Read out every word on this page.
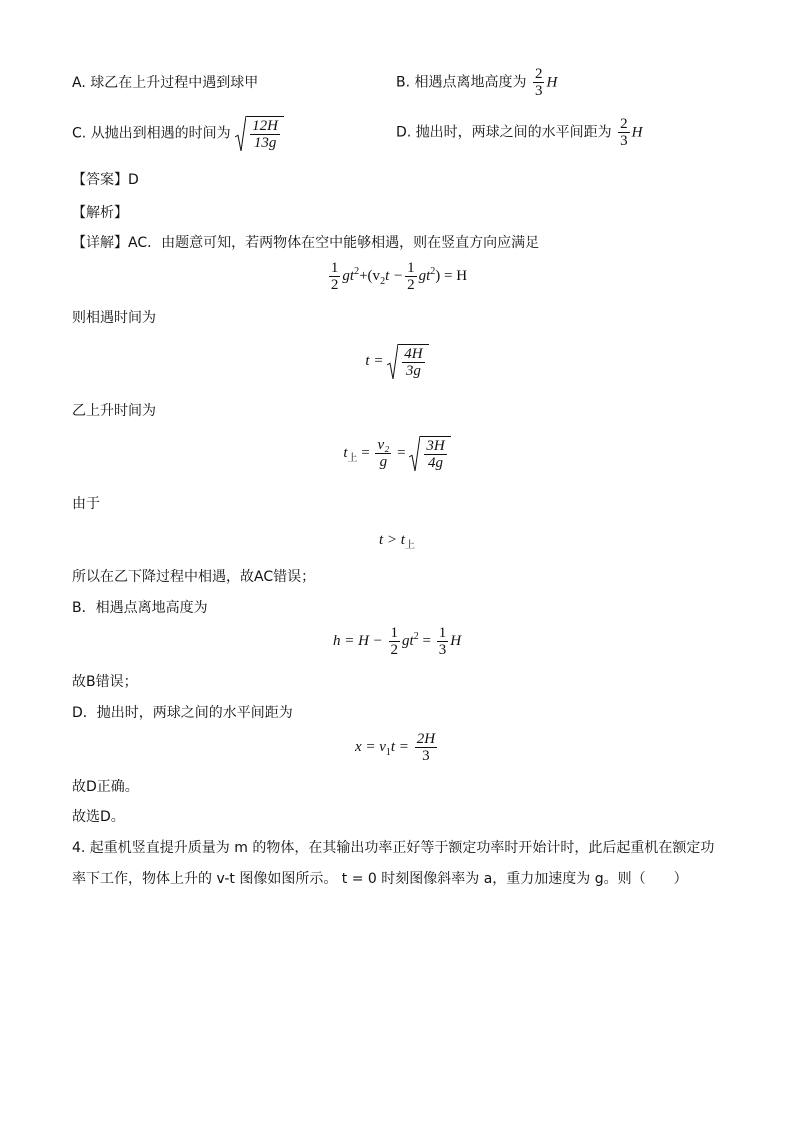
A. 球乙在上升过程中遇到球甲	B. 相遇点离地高度为 $\frac{2}{3}$ H
C. 从抛出到相遇的时间为 $\frac{12H}{13g}$	D. 抛出时，两球之间的水平间距为 $\frac{2}{3}$ H
【答案】D
【解析】
【详解】AC．由题意可知，若两物体在空中能够相遇，则在竖直方向应满足
$\frac{1}{2} gt^2+(v_2t - \frac{1}{2} gt^2) = H$
则相遇时间为
$t = \frac{4H}{3g}$
乙上升时间为
$t_上 = \frac{\text{v₂}}{g} = \frac{3H}{4g}$
由于
$t > t_上$
所以在乙下降过程中相遇，故AC错误；
B．相遇点离地高度为
$h = H - \frac{1}{2} gt^2 = \frac{1}{3}$ H
故B错误；
D．抛出时，两球之间的水平间距为
$x = v_1t = \frac{2H}{3}$
故D正确。
故选D。
4. 起重机竖直提升质量为 m 的物体，在其输出功率正好等于额定功率时开始计时，此后起重机在额定功
率下工作，物体上升的 v-t 图像如图所示。 t = 0 时刻图像斜率为 a，重力加速度为 g。则（　　）
